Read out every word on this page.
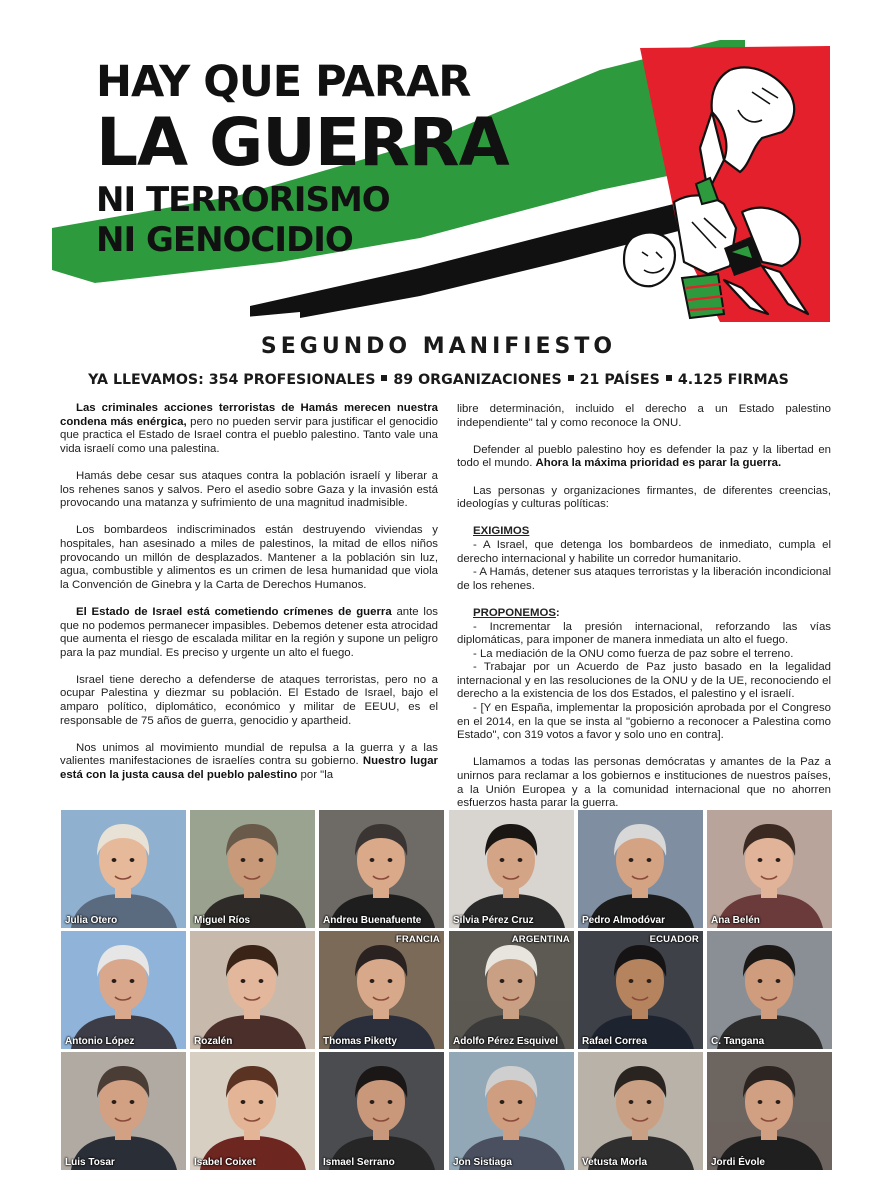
HAY QUE PARAR
LA GUERRA
NI TERRORISMO
NI GENOCIDIO
SEGUNDO MANIFIESTO
YA LLEVAMOS: 354 PROFESIONALES 89 ORGANIZACIONES 21 PAÍSES 4.125 FIRMAS

Las criminales acciones terroristas de Hamás merecen nuestra condena más enérgica, pero no pueden servir para justificar el genocidio que practica el Estado de Israel contra el pueblo palestino. Tanto vale una vida israelí como una palestina.

Hamás debe cesar sus ataques contra la población israelí y liberar a los rehenes sanos y salvos. Pero el asedio sobre Gaza y la invasión está provocando una matanza y sufrimiento de una magnitud inadmisible.

Los bombardeos indiscriminados están destruyendo viviendas y hospitales, han asesinado a miles de palestinos, la mitad de ellos niños provocando un millón de desplazados. Mantener a la población sin luz, agua, combustible y alimentos es un crimen de lesa humanidad que viola la Convención de Ginebra y la Carta de Derechos Humanos.

El Estado de Israel está cometiendo crímenes de guerra ante los que no podemos permanecer impasibles. Debemos detener esta atrocidad que aumenta el riesgo de escalada militar en la región y supone un peligro para la paz mundial. Es preciso y urgente un alto el fuego.

Israel tiene derecho a defenderse de ataques terroristas, pero no a ocupar Palestina y diezmar su población. El Estado de Israel, bajo el amparo político, diplomático, económico y militar de EEUU, es el responsable de 75 años de guerra, genocidio y apartheid.

Nos unimos al movimiento mundial de repulsa a la guerra y a las valientes manifestaciones de israelíes contra su gobierno. Nuestro lugar está con la justa causa del pueblo palestino por "la

libre determinación, incluido el derecho a un Estado palestino independiente" tal y como reconoce la ONU.

Defender al pueblo palestino hoy es defender la paz y la libertad en todo el mundo. Ahora la máxima prioridad es parar la guerra.

Las personas y organizaciones firmantes, de diferentes creencias, ideologías y culturas políticas:

EXIGIMOS
- A Israel, que detenga los bombardeos de inmediato, cumpla el derecho internacional y habilite un corredor humanitario.
- A Hamás, detener sus ataques terroristas y la liberación incondicional de los rehenes.

PROPONEMOS:
- Incrementar la presión internacional, reforzando las vías diplomáticas, para imponer de manera inmediata un alto el fuego.
- La mediación de la ONU como fuerza de paz sobre el terreno.
- Trabajar por un Acuerdo de Paz justo basado en la legalidad internacional y en las resoluciones de la ONU y de la UE, reconociendo el derecho a la existencia de los dos Estados, el palestino y el israelí.
- [Y en España, implementar la proposición aprobada por el Congreso en el 2014, en la que se insta al "gobierno a reconocer a Palestina como Estado", con 319 votos a favor y solo uno en contra].

Llamamos a todas las personas demócratas y amantes de la Paz a unirnos para reclamar a los gobiernos e instituciones de nuestros países, a la Unión Europea y a la comunidad internacional que no ahorren esfuerzos hasta parar la guerra.

Julia Otero	Miguel Ríos	Andreu Buenafuente	Silvia Pérez Cruz	Pedro Almodóvar	Ana Belén
Antonio López	Rozalén
FRANCIA
Thomas Piketty
ARGENTINA
Adolfo Pérez Esquivel
ECUADOR
Rafael Correa	C. Tangana
Luis Tosar	Isabel Coixet	Ismael Serrano	Jon Sistiaga	Vetusta Morla	Jordi Évole
